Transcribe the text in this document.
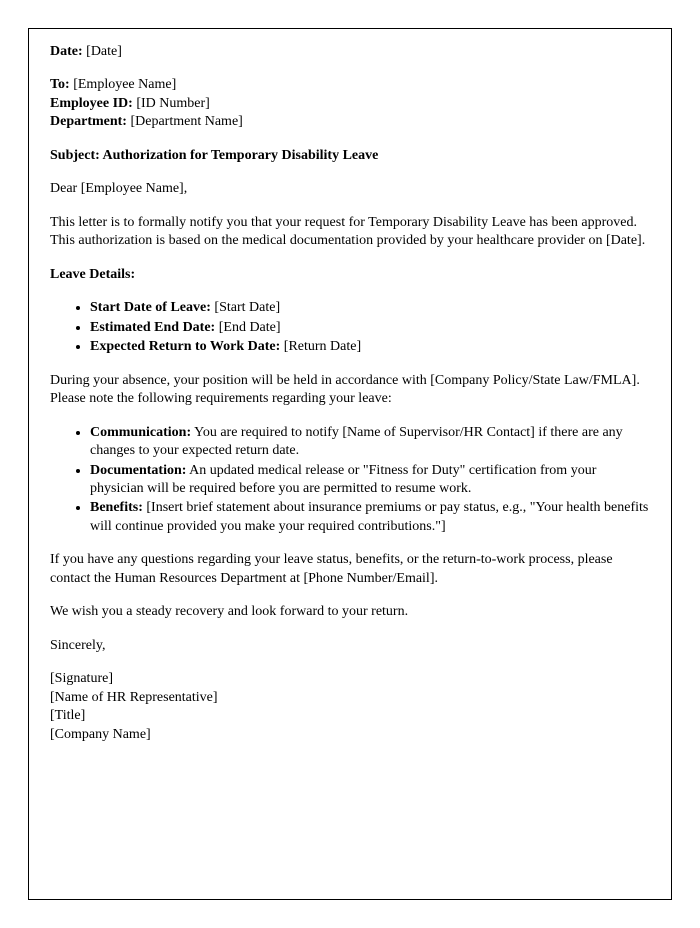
Date: [Date]

To: [Employee Name]

Employee ID: [ID Number]

Department: [Department Name]

Subject: Authorization for Temporary Disability Leave

Dear [Employee Name],

This letter is to formally notify you that your request for Temporary Disability Leave has been approved. This authorization is based on the medical documentation provided by your healthcare provider on [Date].

Leave Details:

• Start Date of Leave: [Start Date]
• Estimated End Date: [End Date]
• Expected Return to Work Date: [Return Date]

During your absence, your position will be held in accordance with [Company Policy/State Law/FMLA]. Please note the following requirements regarding your leave:

• Communication: You are required to notify [Name of Supervisor/HR Contact] if there are any changes to your expected return date.
• Documentation: An updated medical release or "Fitness for Duty" certification from your physician will be required before you are permitted to resume work.
• Benefits: [Insert brief statement about insurance premiums or pay status, e.g., "Your health benefits will continue provided you make your required contributions."]

If you have any questions regarding your leave status, benefits, or the return-to-work process, please contact the Human Resources Department at [Phone Number/Email].

We wish you a steady recovery and look forward to your return.

Sincerely,

[Signature]

[Name of HR Representative]

[Title]

[Company Name]
